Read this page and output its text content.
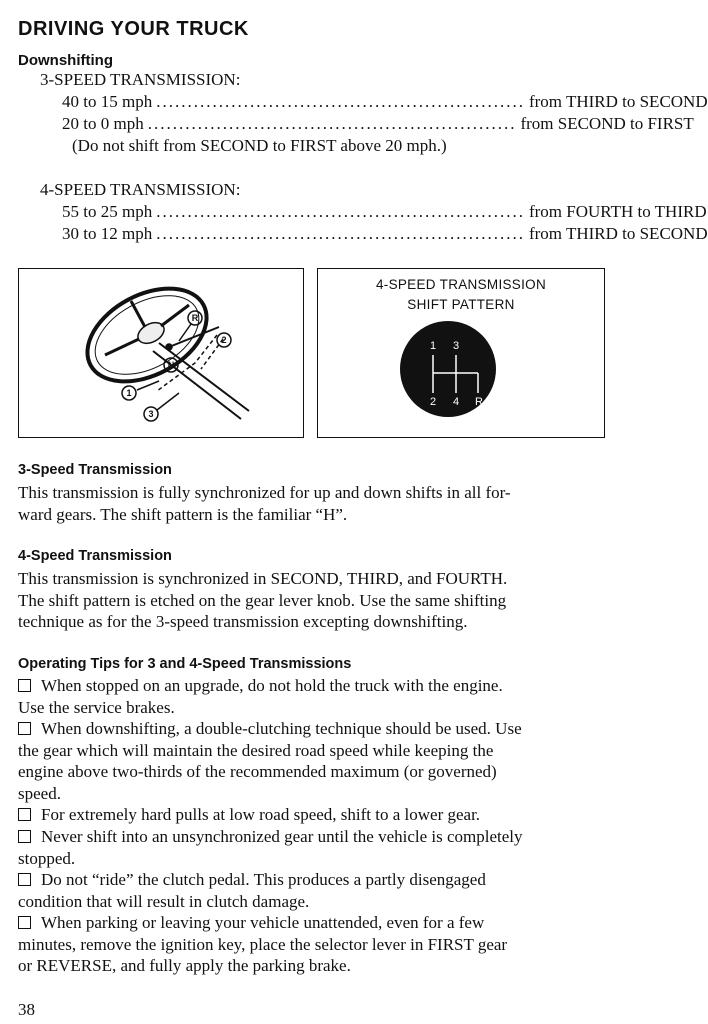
DRIVING YOUR TRUCK
Downshifting
3-SPEED TRANSMISSION:
40 to 15 mph ........................................................... from THIRD to SECOND
20 to 0 mph ........................................................... from SECOND to FIRST
(Do not shift from SECOND to FIRST above 20 mph.)
4-SPEED TRANSMISSION:
55 to 25 mph ........................................................... from FOURTH to THIRD
30 to 12 mph ........................................................... from THIRD to SECOND
R
2
N
1
3
4-SPEED TRANSMISSION
SHIFT PATTERN
1 3
2 4 R
3-Speed Transmission
This transmission is fully synchronized for up and down shifts in all for-
ward gears. The shift pattern is the familiar “H”.
4-Speed Transmission
This transmission is synchronized in SECOND, THIRD, and FOURTH.
The shift pattern is etched on the gear lever knob. Use the same shifting
technique as for the 3-speed transmission excepting downshifting.
Operating Tips for 3 and 4-Speed Transmissions
When stopped on an upgrade, do not hold the truck with the engine.
Use the service brakes.
When downshifting, a double-clutching technique should be used. Use
the gear which will maintain the desired road speed while keeping the
engine above two-thirds of the recommended maximum (or governed)
speed.
For extremely hard pulls at low road speed, shift to a lower gear.
Never shift into an unsynchronized gear until the vehicle is completely
stopped.
Do not “ride” the clutch pedal. This produces a partly disengaged
condition that will result in clutch damage.
When parking or leaving your vehicle unattended, even for a few
minutes, remove the ignition key, place the selector lever in FIRST gear
or REVERSE, and fully apply the parking brake.
38
